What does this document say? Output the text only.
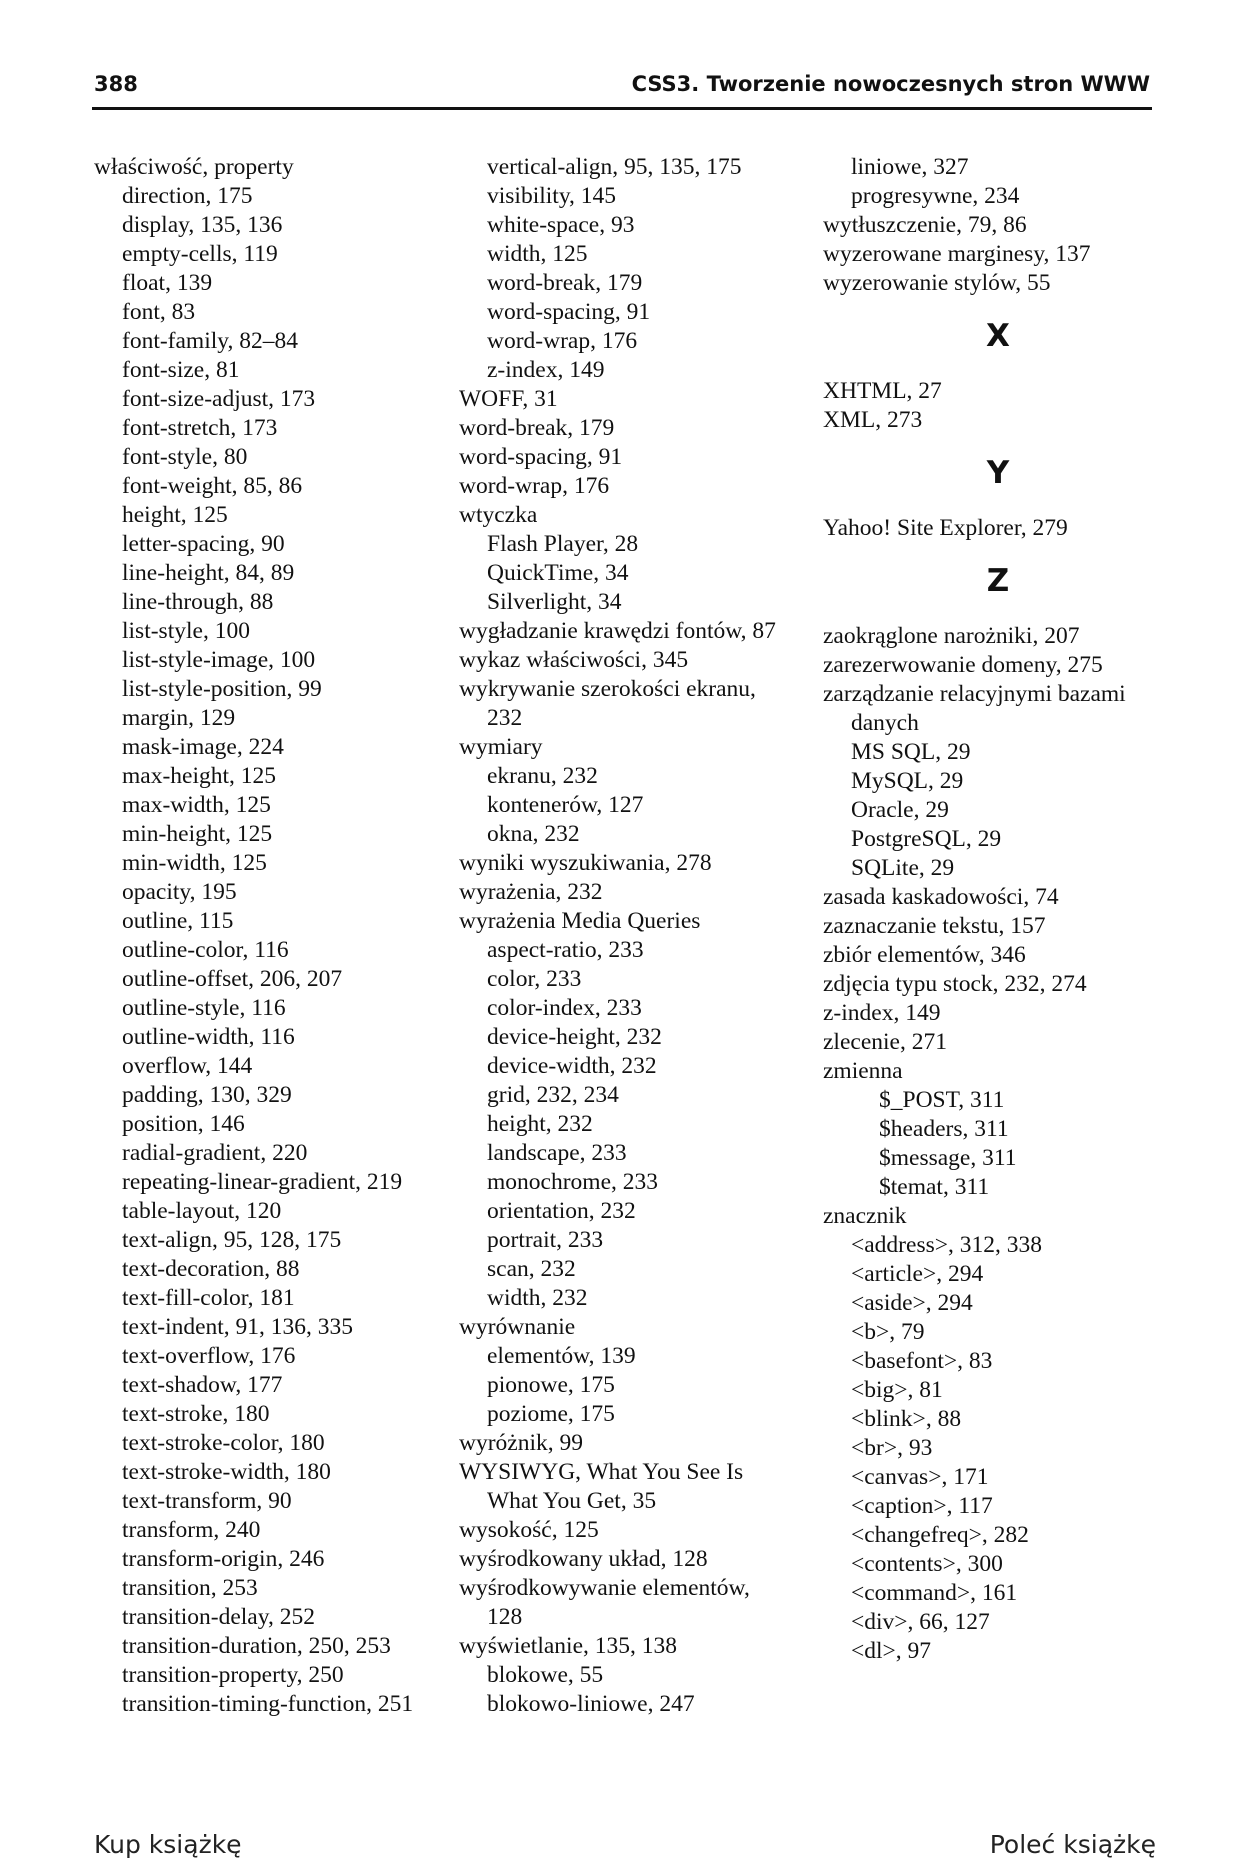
388	CSS3. Tworzenie nowoczesnych stron WWW
właściwość, property
direction, 175
display, 135, 136
empty-cells, 119
float, 139
font, 83
font-family, 82–84
font-size, 81
font-size-adjust, 173
font-stretch, 173
font-style, 80
font-weight, 85, 86
height, 125
letter-spacing, 90
line-height, 84, 89
line-through, 88
list-style, 100
list-style-image, 100
list-style-position, 99
margin, 129
mask-image, 224
max-height, 125
max-width, 125
min-height, 125
min-width, 125
opacity, 195
outline, 115
outline-color, 116
outline-offset, 206, 207
outline-style, 116
outline-width, 116
overflow, 144
padding, 130, 329
position, 146
radial-gradient, 220
repeating-linear-gradient, 219
table-layout, 120
text-align, 95, 128, 175
text-decoration, 88
text-fill-color, 181
text-indent, 91, 136, 335
text-overflow, 176
text-shadow, 177
text-stroke, 180
text-stroke-color, 180
text-stroke-width, 180
text-transform, 90
transform, 240
transform-origin, 246
transition, 253
transition-delay, 252
transition-duration, 250, 253
transition-property, 250
transition-timing-function, 251
vertical-align, 95, 135, 175
visibility, 145
white-space, 93
width, 125
word-break, 179
word-spacing, 91
word-wrap, 176
z-index, 149
WOFF, 31
word-break, 179
word-spacing, 91
word-wrap, 176
wtyczka
Flash Player, 28
QuickTime, 34
Silverlight, 34
wygładzanie krawędzi fontów, 87
wykaz właściwości, 345
wykrywanie szerokości ekranu,
232
wymiary
ekranu, 232
kontenerów, 127
okna, 232
wyniki wyszukiwania, 278
wyrażenia, 232
wyrażenia Media Queries
aspect-ratio, 233
color, 233
color-index, 233
device-height, 232
device-width, 232
grid, 232, 234
height, 232
landscape, 233
monochrome, 233
orientation, 232
portrait, 233
scan, 232
width, 232
wyrównanie
elementów, 139
pionowe, 175
poziome, 175
wyróżnik, 99
WYSIWYG, What You See Is
What You Get, 35
wysokość, 125
wyśrodkowany układ, 128
wyśrodkowywanie elementów,
128
wyświetlanie, 135, 138
blokowe, 55
blokowo-liniowe, 247
liniowe, 327
progresywne, 234
wytłuszczenie, 79, 86
wyzerowane marginesy, 137
wyzerowanie stylów, 55
X
XHTML, 27
XML, 273
Y
Yahoo! Site Explorer, 279
Z
zaokrąglone narożniki, 207
zarezerwowanie domeny, 275
zarządzanie relacyjnymi bazami
danych
MS SQL, 29
MySQL, 29
Oracle, 29
PostgreSQL, 29
SQLite, 29
zasada kaskadowości, 74
zaznaczanie tekstu, 157
zbiór elementów, 346
zdjęcia typu stock, 232, 274
z-index, 149
zlecenie, 271
zmienna
$_POST, 311
$headers, 311
$message, 311
$temat, 311
znacznik
<address>, 312, 338
<article>, 294
<aside>, 294
<b>, 79
<basefont>, 83
<big>, 81
<blink>, 88
<br>, 93
<canvas>, 171
<caption>, 117
<changefreq>, 282
<contents>, 300
<command>, 161
<div>, 66, 127
<dl>, 97
Kup książkę	Poleć książkę
